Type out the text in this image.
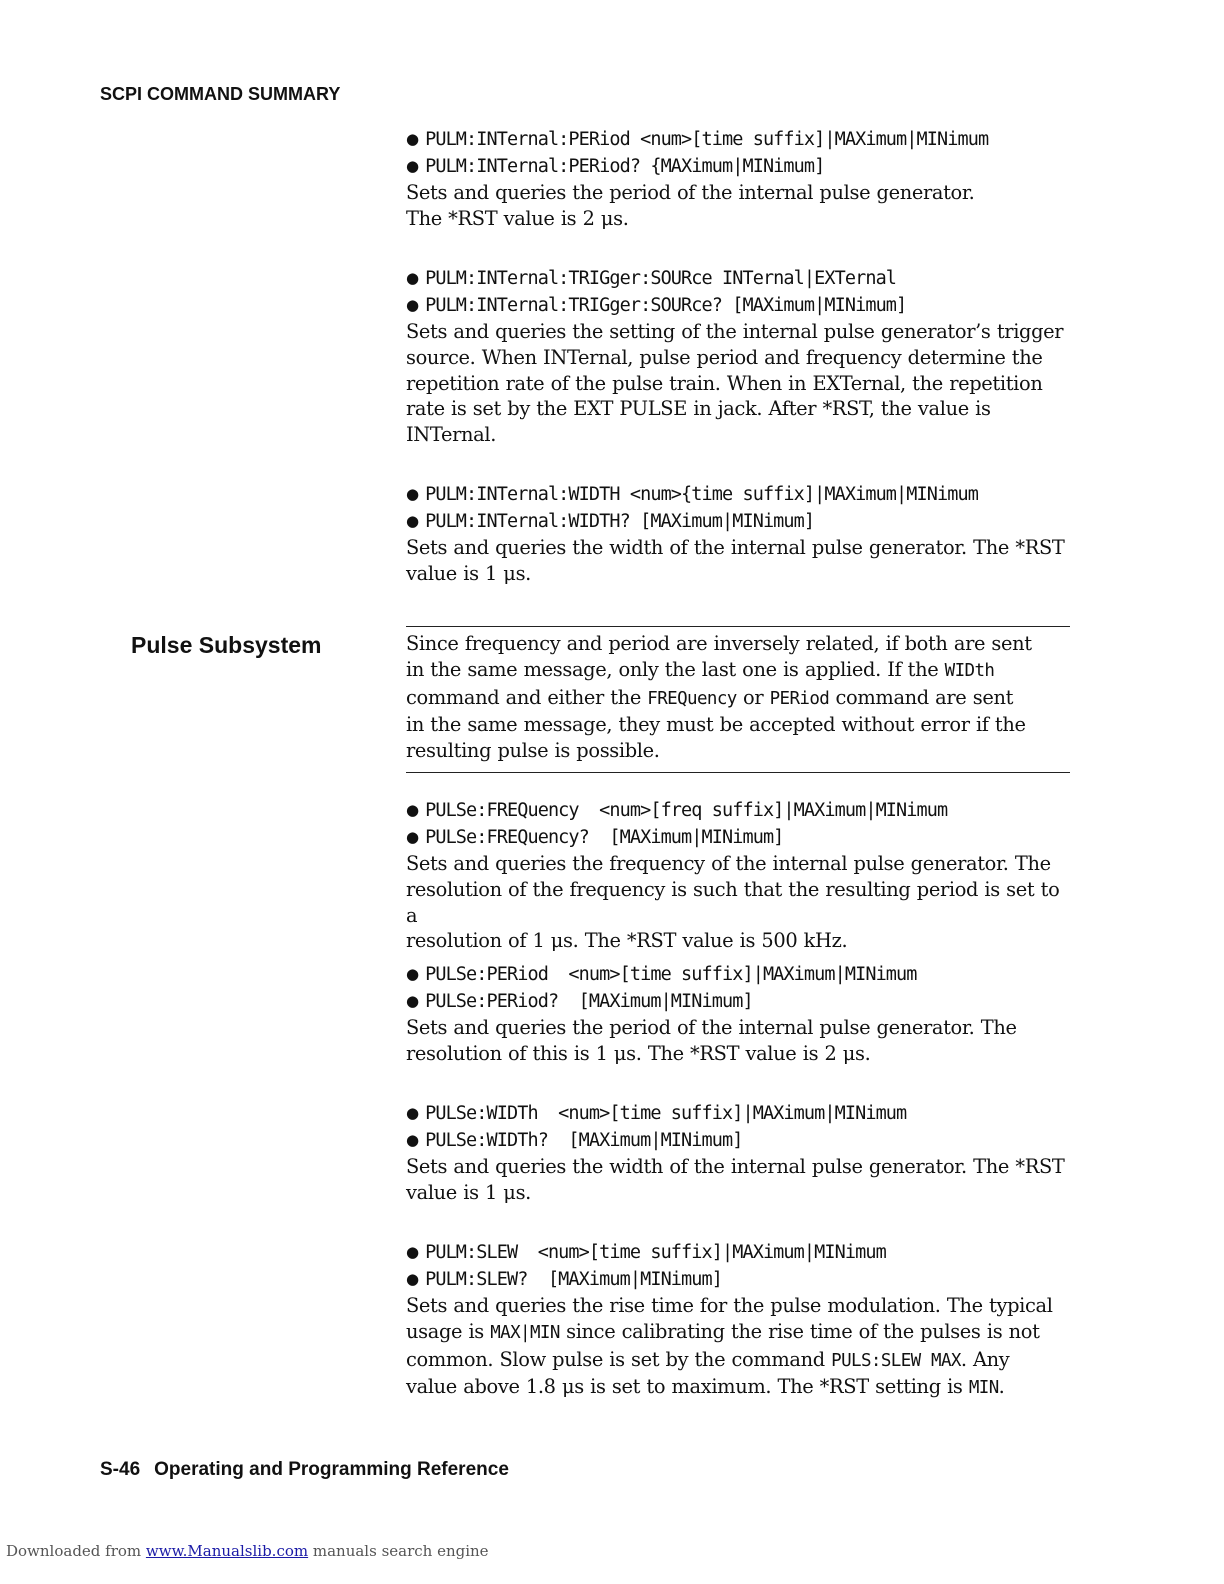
SCPI COMMAND SUMMARY
● PULM:INTernal:PERiod <num>[time suffix]|MAXimum|MINimum
● PULM:INTernal:PERiod? {MAXimum|MINimum]
Sets and queries the period of the internal pulse generator.
The *RST value is 2 μs.
● PULM:INTernal:TRIGger:SOURce INTernal|EXTernal
● PULM:INTernal:TRIGger:SOURce? [MAXimum|MINimum]
Sets and queries the setting of the internal pulse generator’s trigger
source. When INTernal, pulse period and frequency determine the
repetition rate of the pulse train. When in EXTernal, the repetition
rate is set by the EXT PULSE in jack. After *RST, the value is
INTernal.
● PULM:INTernal:WIDTH <num>{time suffix]|MAXimum|MINimum
● PULM:INTernal:WIDTH? [MAXimum|MINimum]
Sets and queries the width of the internal pulse generator. The *RST
value is 1 μs.
Pulse Subsystem	Since frequency and period are inversely related, if both are sent
in the same message, only the last one is applied. If the WIDth
command and either the FREQuency or PERiod command are sent
in the same message, they must be accepted without error if the
resulting pulse is possible.
● PULSe:FREQuency  <num>[freq suffix]|MAXimum|MINimum
● PULSe:FREQuency?  [MAXimum|MINimum]
Sets and queries the frequency of the internal pulse generator. The
resolution of the frequency is such that the resulting period is set to a
resolution of 1 μs. The *RST value is 500 kHz.
● PULSe:PERiod  <num>[time suffix]|MAXimum|MINimum
● PULSe:PERiod?  [MAXimum|MINimum]
Sets and queries the period of the internal pulse generator. The
resolution of this is 1 μs. The *RST value is 2 μs.
● PULSe:WIDTh  <num>[time suffix]|MAXimum|MINimum
● PULSe:WIDTh?  [MAXimum|MINimum]
Sets and queries the width of the internal pulse generator. The *RST
value is 1 μs.
● PULM:SLEW  <num>[time suffix]|MAXimum|MINimum
● PULM:SLEW?  [MAXimum|MINimum]
Sets and queries the rise time for the pulse modulation. The typical
usage is MAX|MIN since calibrating the rise time of the pulses is not
common. Slow pulse is set by the command PULS:SLEW MAX. Any
value above 1.8 μs is set to maximum. The *RST setting is MIN.
S-46 Operating and Programming Reference
Downloaded from www.Manualslib.com manuals search engine
